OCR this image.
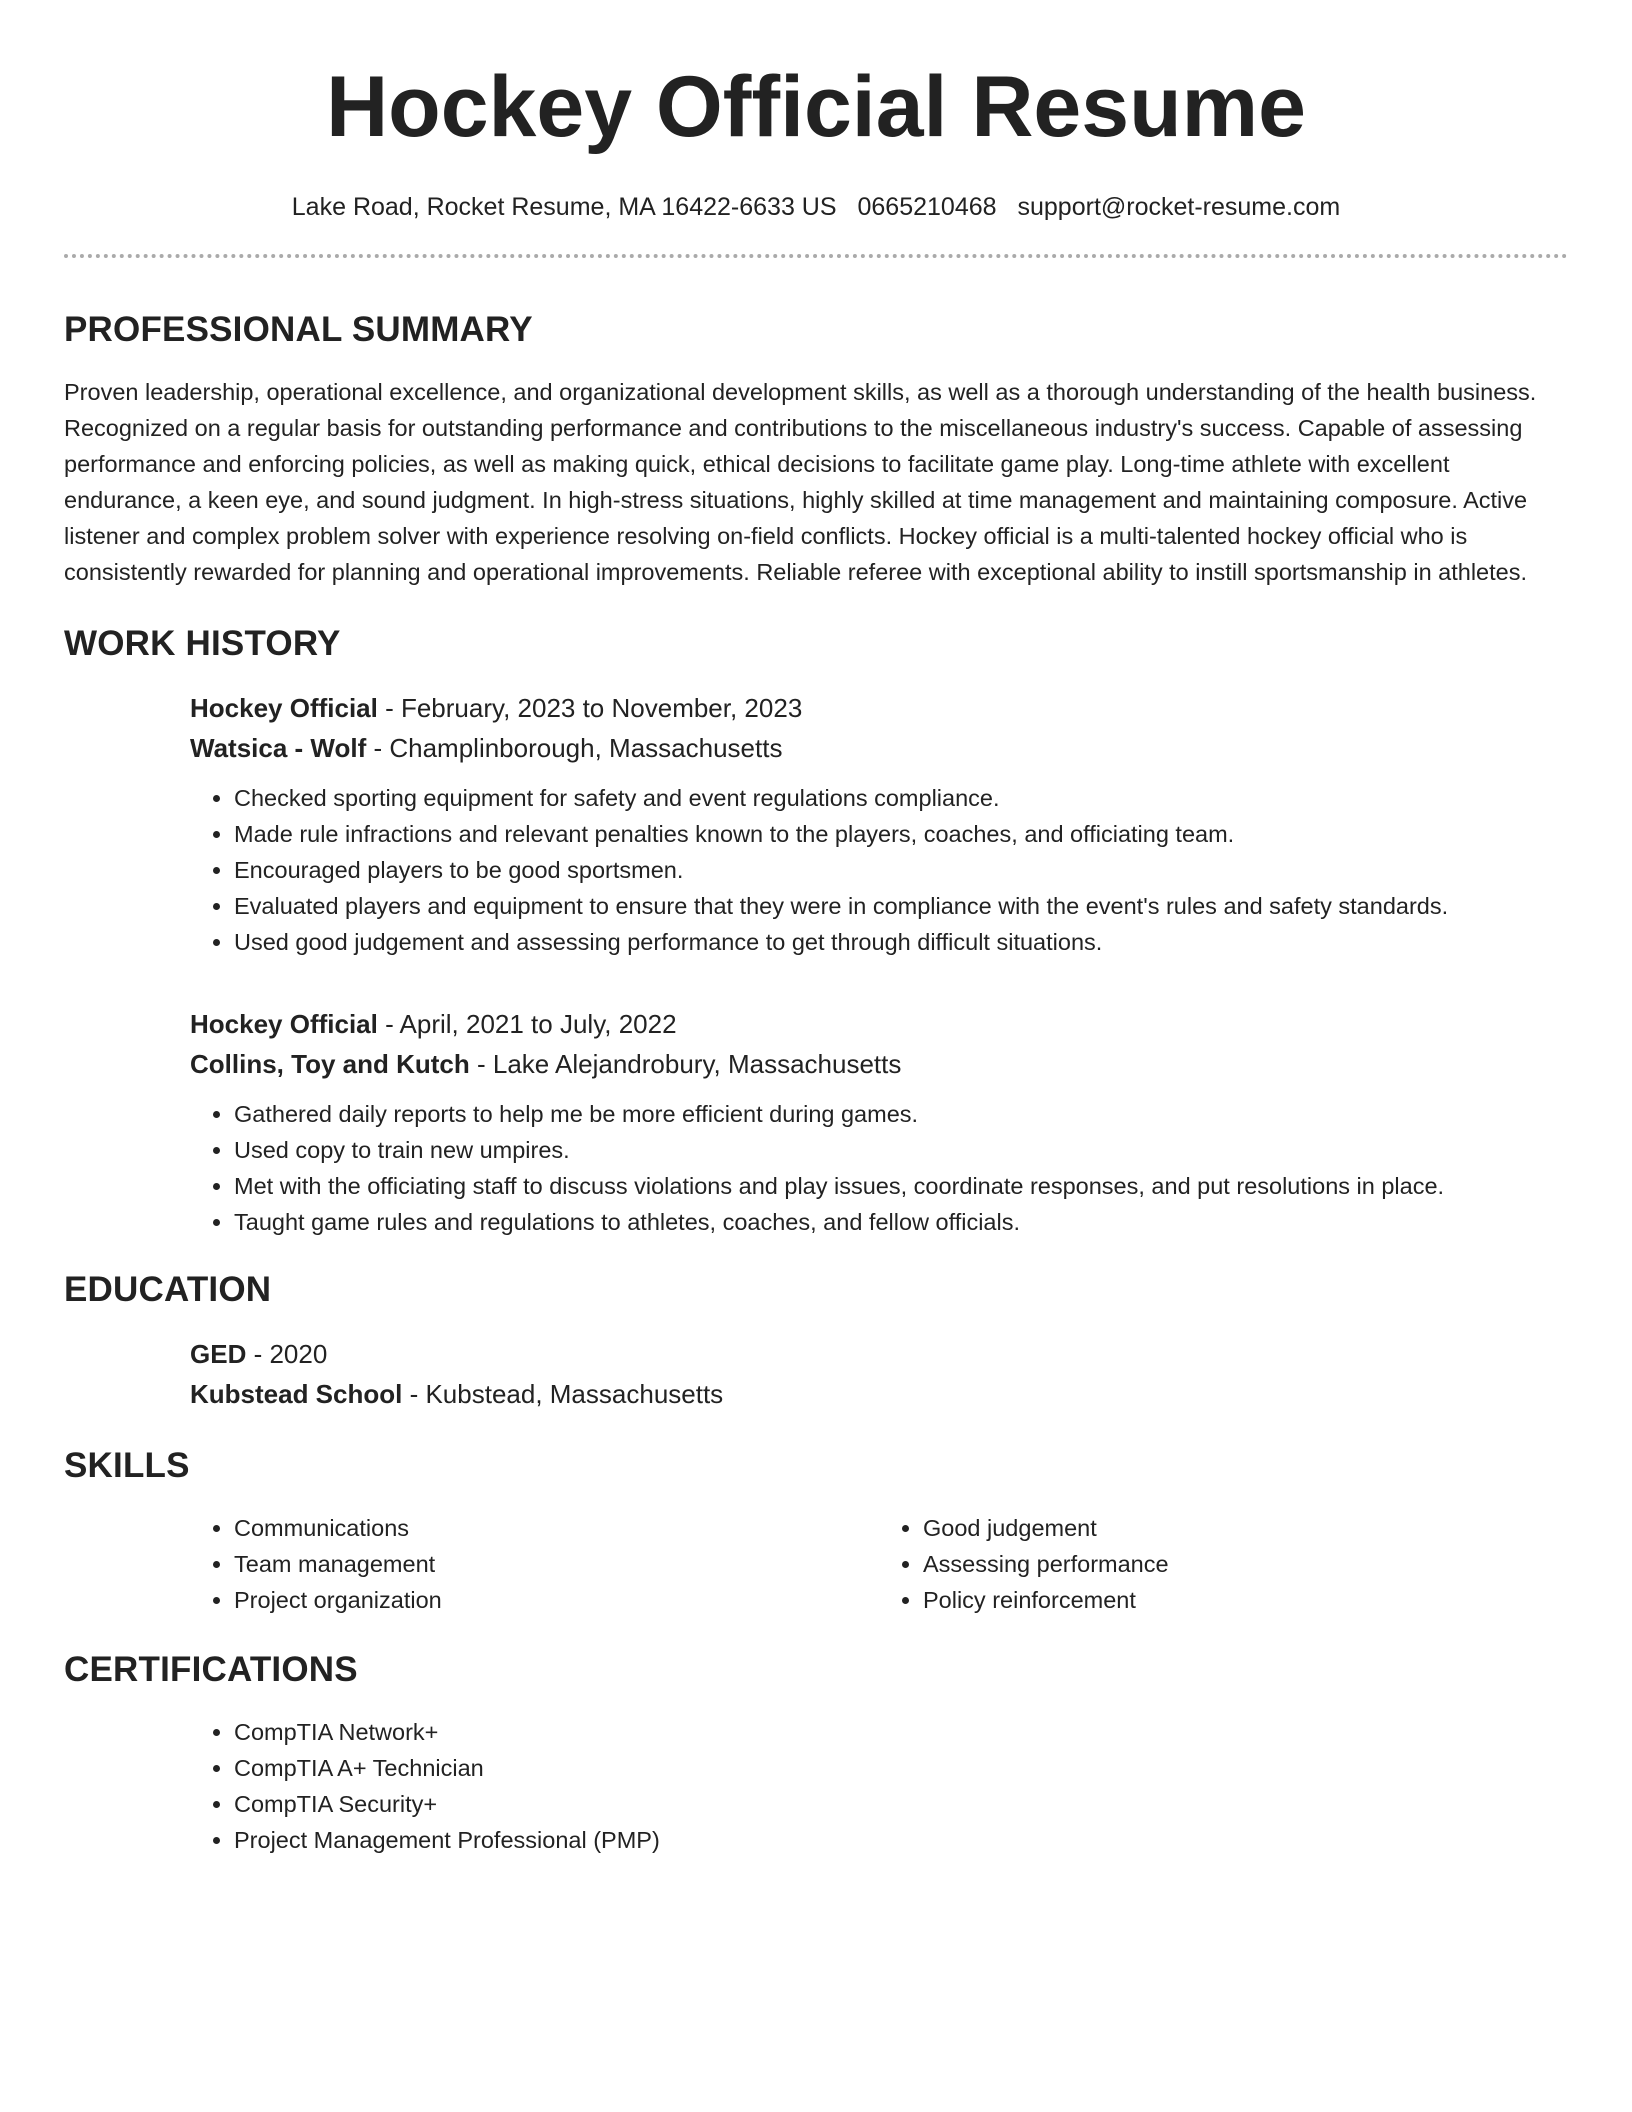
Hockey Official Resume
Lake Road, Rocket Resume, MA 16422-6633 US 0665210468 support@rocket-resume.com
PROFESSIONAL SUMMARY

Proven leadership, operational excellence, and organizational development skills, as well as a thorough understanding of the health business. Recognized on a regular basis for outstanding performance and contributions to the miscellaneous industry's success. Capable of assessing performance and enforcing policies, as well as making quick, ethical decisions to facilitate game play. Long-time athlete with excellent endurance, a keen eye, and sound judgment. In high-stress situations, highly skilled at time management and maintaining composure. Active listener and complex problem solver with experience resolving on-field conflicts. Hockey official is a multi-talented hockey official who is consistently rewarded for planning and operational improvements. Reliable referee with exceptional ability to instill sportsmanship in athletes.

WORK HISTORY

Hockey Official - February, 2023 to November, 2023

Watsica - Wolf - Champlinborough, Massachusetts

• Checked sporting equipment for safety and event regulations compliance.
• Made rule infractions and relevant penalties known to the players, coaches, and officiating team.
• Encouraged players to be good sportsmen.
• Evaluated players and equipment to ensure that they were in compliance with the event's rules and safety standards.
• Used good judgement and assessing performance to get through difficult situations.

Hockey Official - April, 2021 to July, 2022

Collins, Toy and Kutch - Lake Alejandrobury, Massachusetts

• Gathered daily reports to help me be more efficient during games.
• Used copy to train new umpires.
• Met with the officiating staff to discuss violations and play issues, coordinate responses, and put resolutions in place.
• Taught game rules and regulations to athletes, coaches, and fellow officials.
EDUCATION

GED - 2020

Kubstead School - Kubstead, Massachusetts

SKILLS
• Communications
• Team management
• Project organization
• Good judgement
• Assessing performance
• Policy reinforcement
CERTIFICATIONS
• CompTIA Network+
• CompTIA A+ Technician
• CompTIA Security+
• Project Management Professional (PMP)
